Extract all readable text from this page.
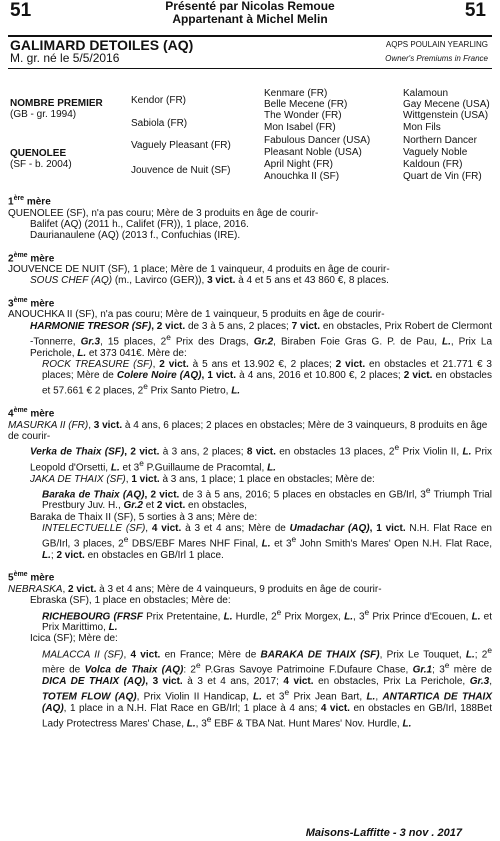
51	51
Présenté par Nicolas Remoue
Appartenant à Michel Melin
GALIMARD DETOILES (AQ)
M. gr. né le 5/5/2016
AQPS POULAIN YEARLING
Owner's Premiums in France
NOMBRE PREMIER
(GB - gr. 1994)
QUENOLEE
(SF - b. 2004)
Kendor (FR)
Sabiola (FR)
Vaguely Pleasant (FR)
Jouvence de Nuit (SF)
Kenmare (FR)
Belle Mecene (FR)
The Wonder (FR)
Mon Isabel (FR)
Fabulous Dancer (USA)
Pleasant Noble (USA)
April Night (FR)
Anouchka II (SF)
Kalamoun
Gay Mecene (USA)
Wittgenstein (USA)
Mon Fils
Northern Dancer
Vaguely Noble
Kaldoun (FR)
Quart de Vin (FR)
1ère mère
QUENOLEE (SF), n'a pas couru; Mère de 3 produits en âge de courir-
Balifet (AQ) (2011 h., Califet (FR)), 1 place, 2016.
Daurianaulene (AQ) (2013 f., Confuchias (IRE).
2ème mère
JOUVENCE DE NUIT (SF), 1 place; Mère de 1 vainqueur, 4 produits en âge de courir-
SOUS CHEF (AQ) (m., Lavirco (GER)), 3 vict. à 4 et 5 ans et 43 860 €, 8 places.
3ème mère
ANOUCHKA II (SF), n'a pas couru; Mère de 1 vainqueur, 5 produits en âge de courir-
HARMONIE TRESOR (SF), 2 vict. de 3 à 5 ans, 2 places; 7 vict. en obstacles, Prix Robert de Clermont -Tonnerre, Gr.3, 15 places, 2e Prix des Drags, Gr.2, Biraben Foie Gras G. P. de Pau, L., Prix La Perichole, L. et 373 041€. Mère de:
ROCK TREASURE (SF), 2 vict. à 5 ans et 13.902 €, 2 places; 2 vict. en obstacles et 21.771 € 3 places; Mère de Colere Noire (AQ), 1 vict. à 4 ans, 2016 et 10.800 €, 2 places; 2 vict. en obstacles et 57.661 € 2 places, 2e Prix Santo Pietro, L.
4ème mère
MASURKA II (FR), 3 vict. à 4 ans, 6 places; 2 places en obstacles; Mère de 3 vainqueurs, 8 produits en âge de courir-
Verka de Thaix (SF), 2 vict. à 3 ans, 2 places; 8 vict. en obstacles 13 places, 2e Prix Violin II, L. Prix Leopold d'Orsetti, L. et 3e P.Guillaume de Pracomtal, L.
JAKA DE THAIX (SF), 1 vict. à 3 ans, 1 place; 1 place en obstacles; Mère de:
Baraka de Thaix (AQ), 2 vict. de 3 à 5 ans, 2016; 5 places en obstacles en GB/Irl, 3e Triumph Trial Prestbury Juv. H., Gr.2 et 2 vict. en obstacles,
Baraka de Thaix II (SF), 5 sorties à 3 ans; Mère de:
INTELECTUELLE (SF), 4 vict. à 3 et 4 ans; Mère de Umadachar (AQ), 1 vict. N.H. Flat Race en GB/Irl, 3 places, 2e DBS/EBF Mares NHF Final, L. et 3e John Smith's Mares' Open N.H. Flat Race, L.; 2 vict. en obstacles en GB/Irl 1 place.
5ème mère
NEBRASKA, 2 vict. à 3 et 4 ans; Mère de 4 vainqueurs, 9 produits en âge de courir-
Ebraska (SF), 1 place en obstacles; Mère de:
RICHEBOURG (FRSF Prix Pretentaine, L. Hurdle, 2e Prix Morgex, L., 3e Prix Prince d'Ecouen, L. et Prix Marittimo, L.
Icica (SF); Mère de:
MALACCA II (SF), 4 vict. en France; Mère de BARAKA DE THAIX (SF), Prix Le Touquet, L.; 2e mère de Volca de Thaix (AQ): 2e P.Gras Savoye Patrimoine F.Dufaure Chase, Gr.1; 3e mère de DICA DE THAIX (AQ), 3 vict. à 3 et 4 ans, 2017; 4 vict. en obstacles, Prix La Perichole, Gr.3, TOTEM FLOW (AQ), Prix Violin II Handicap, L. et 3e Prix Jean Bart, L., ANTARTICA DE THAIX (AQ), 1 place in a N.H. Flat Race en GB/Irl; 1 place à 4 ans; 4 vict. en obstacles en GB/Irl, 188Bet Lady Protectress Mares' Chase, L., 3e EBF & TBA Nat. Hunt Mares' Nov. Hurdle, L.
Maisons-Laffitte - 3 nov . 2017
